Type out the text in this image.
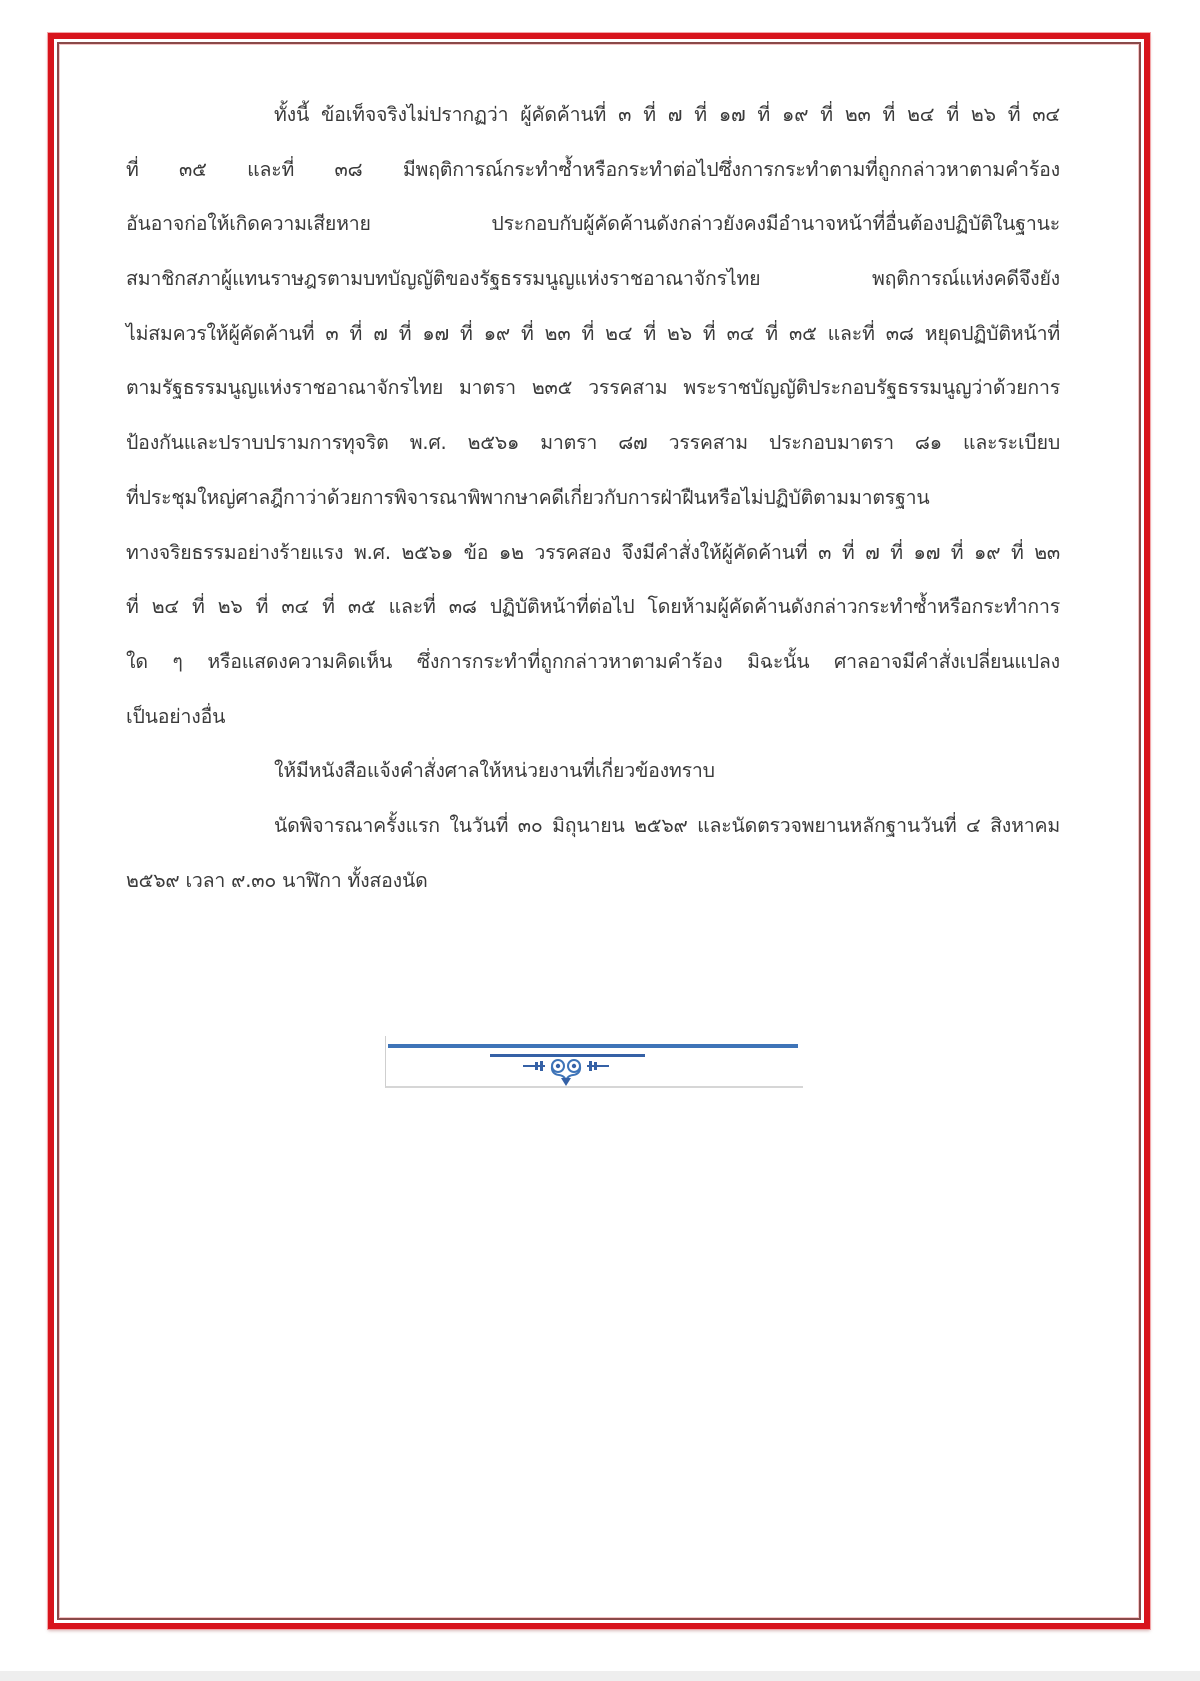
ทั้งนี้ ข้อเท็จจริงไม่ปรากฏว่า ผู้คัดค้านที่ ๓ ที่ ๗ ที่ ๑๗ ที่ ๑๙ ที่ ๒๓ ที่ ๒๔ ที่ ๒๖ ที่ ๓๔
ที่ ๓๕ และที่ ๓๘ มีพฤติการณ์กระทำซ้ำหรือกระทำต่อไปซึ่งการกระทำตามที่ถูกกล่าวหาตามคำร้อง
อันอาจก่อให้เกิดความเสียหาย ประกอบกับผู้คัดค้านดังกล่าวยังคงมีอำนาจหน้าที่อื่นต้องปฏิบัติในฐานะ
สมาชิกสภาผู้แทนราษฎรตามบทบัญญัติของรัฐธรรมนูญแห่งราชอาณาจักรไทย พฤติการณ์แห่งคดีจึงยัง
ไม่สมควรให้ผู้คัดค้านที่ ๓ ที่ ๗ ที่ ๑๗ ที่ ๑๙ ที่ ๒๓ ที่ ๒๔ ที่ ๒๖ ที่ ๓๔ ที่ ๓๕ และที่ ๓๘ หยุดปฏิบัติหน้าที่
ตามรัฐธรรมนูญแห่งราชอาณาจักรไทย มาตรา ๒๓๕ วรรคสาม พระราชบัญญัติประกอบรัฐธรรมนูญว่าด้วยการ
ป้องกันและปราบปรามการทุจริต พ.ศ. ๒๕๖๑ มาตรา ๘๗ วรรคสาม ประกอบมาตรา ๘๑ และระเบียบ
ที่ประชุมใหญ่ศาลฎีกาว่าด้วยการพิจารณาพิพากษาคดีเกี่ยวกับการฝ่าฝืนหรือไม่ปฏิบัติตามมาตรฐาน
ทางจริยธรรมอย่างร้ายแรง พ.ศ. ๒๕๖๑ ข้อ ๑๒ วรรคสอง จึงมีคำสั่งให้ผู้คัดค้านที่ ๓ ที่ ๗ ที่ ๑๗ ที่ ๑๙ ที่ ๒๓
ที่ ๒๔ ที่ ๒๖ ที่ ๓๔ ที่ ๓๕ และที่ ๓๘ ปฏิบัติหน้าที่ต่อไป โดยห้ามผู้คัดค้านดังกล่าวกระทำซ้ำหรือกระทำการ
ใด ๆ หรือแสดงความคิดเห็น ซึ่งการกระทำที่ถูกกล่าวหาตามคำร้อง มิฉะนั้น ศาลอาจมีคำสั่งเปลี่ยนแปลง
เป็นอย่างอื่น
ให้มีหนังสือแจ้งคำสั่งศาลให้หน่วยงานที่เกี่ยวข้องทราบ
นัดพิจารณาครั้งแรก ในวันที่ ๓๐ มิถุนายน ๒๕๖๙ และนัดตรวจพยานหลักฐานวันที่ ๔ สิงหาคม
๒๕๖๙ เวลา ๙.๓๐ นาฬิกา ทั้งสองนัด
